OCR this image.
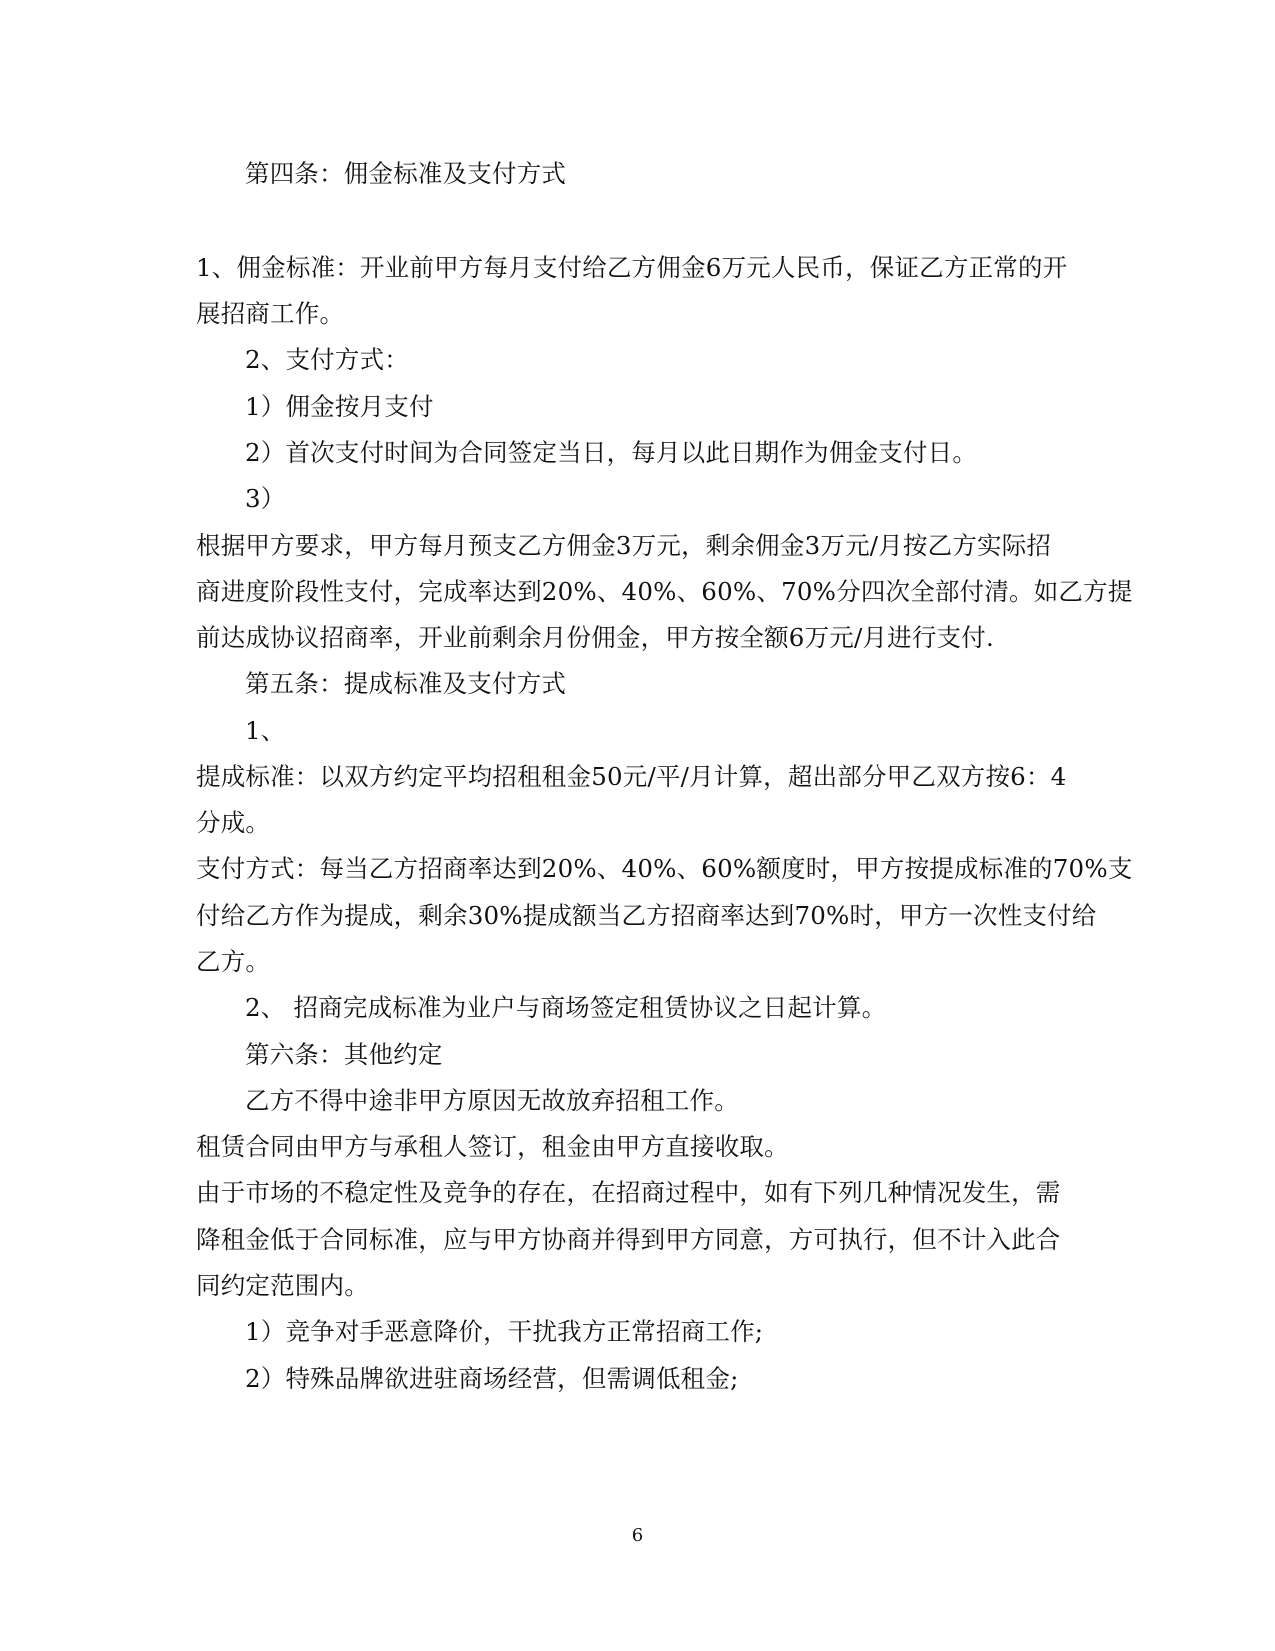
第四条：佣金标准及支付方式
1、佣金标准：开业前甲方每月支付给乙方佣金6万元人民币，保证乙方正常的开
展招商工作。
2、支付方式：
1）佣金按月支付
2）首次支付时间为合同签定当日，每月以此日期作为佣金支付日。
3）
根据甲方要求，甲方每月预支乙方佣金3万元，剩余佣金3万元/月按乙方实际招
商进度阶段性支付，完成率达到20%、40%、60%、70%分四次全部付清。如乙方提
前达成协议招商率，开业前剩余月份佣金，甲方按全额6万元/月进行支付.
第五条：提成标准及支付方式
1、
提成标准：以双方约定平均招租租金50元/平/月计算，超出部分甲乙双方按6：4
分成。
支付方式：每当乙方招商率达到20%、40%、60%额度时，甲方按提成标准的70%支
付给乙方作为提成，剩余30%提成额当乙方招商率达到70%时，甲方一次性支付给
乙方。
2、 招商完成标准为业户与商场签定租赁协议之日起计算。
第六条：其他约定
乙方不得中途非甲方原因无故放弃招租工作。
租赁合同由甲方与承租人签订，租金由甲方直接收取。
由于市场的不稳定性及竞争的存在，在招商过程中，如有下列几种情况发生，需
降租金低于合同标准，应与甲方协商并得到甲方同意，方可执行，但不计入此合
同约定范围内。
1）竞争对手恶意降价，干扰我方正常招商工作;
2）特殊品牌欲进驻商场经营，但需调低租金;
6
